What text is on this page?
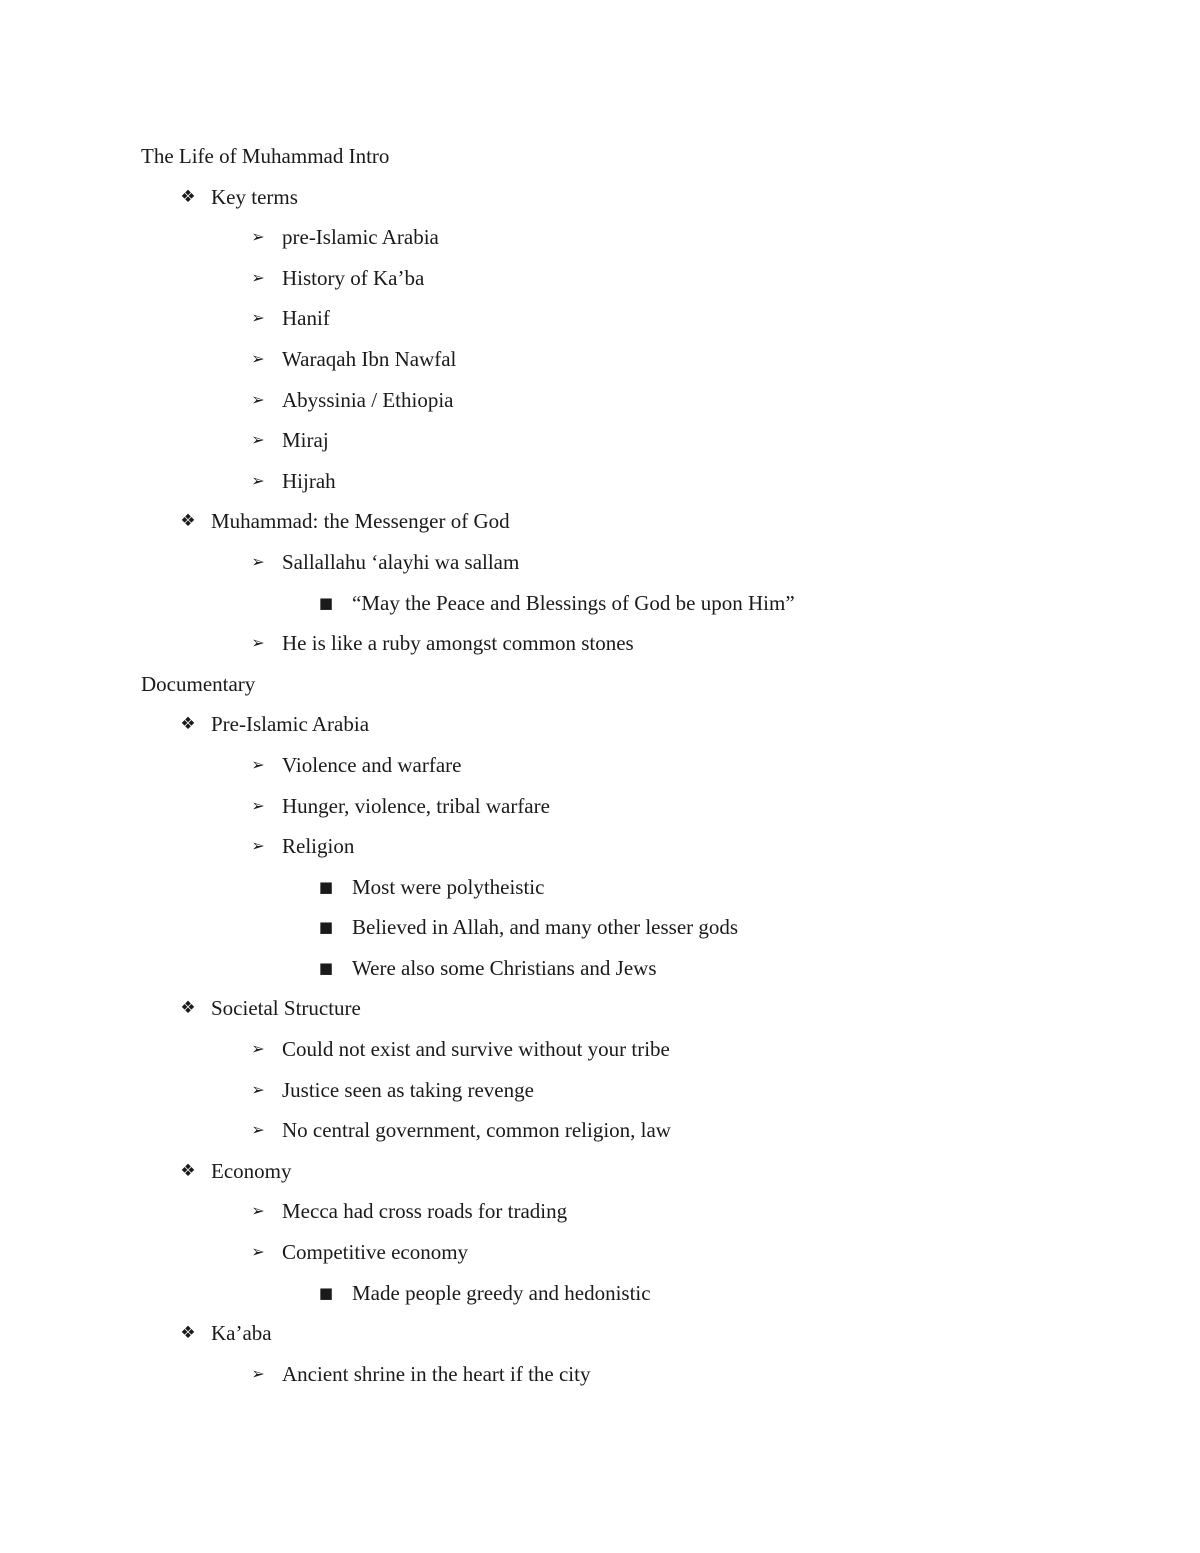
The Life of Muhammad Intro
❖ Key terms
➢ pre-Islamic Arabia
➢ History of Ka’ba
➢ Hanif
➢ Waraqah Ibn Nawfal
➢ Abyssinia / Ethiopia
➢ Miraj
➢ Hijrah
❖ Muhammad: the Messenger of God
➢ Sallallahu ‘alayhi wa sallam
■ “May the Peace and Blessings of God be upon Him”
➢ He is like a ruby amongst common stones
Documentary
❖ Pre-Islamic Arabia
➢ Violence and warfare
➢ Hunger, violence, tribal warfare
➢ Religion
■ Most were polytheistic
■ Believed in Allah, and many other lesser gods
■ Were also some Christians and Jews
❖ Societal Structure
➢ Could not exist and survive without your tribe
➢ Justice seen as taking revenge
➢ No central government, common religion, law
❖ Economy
➢ Mecca had cross roads for trading
➢ Competitive economy
■ Made people greedy and hedonistic
❖ Ka’aba
➢ Ancient shrine in the heart if the city
